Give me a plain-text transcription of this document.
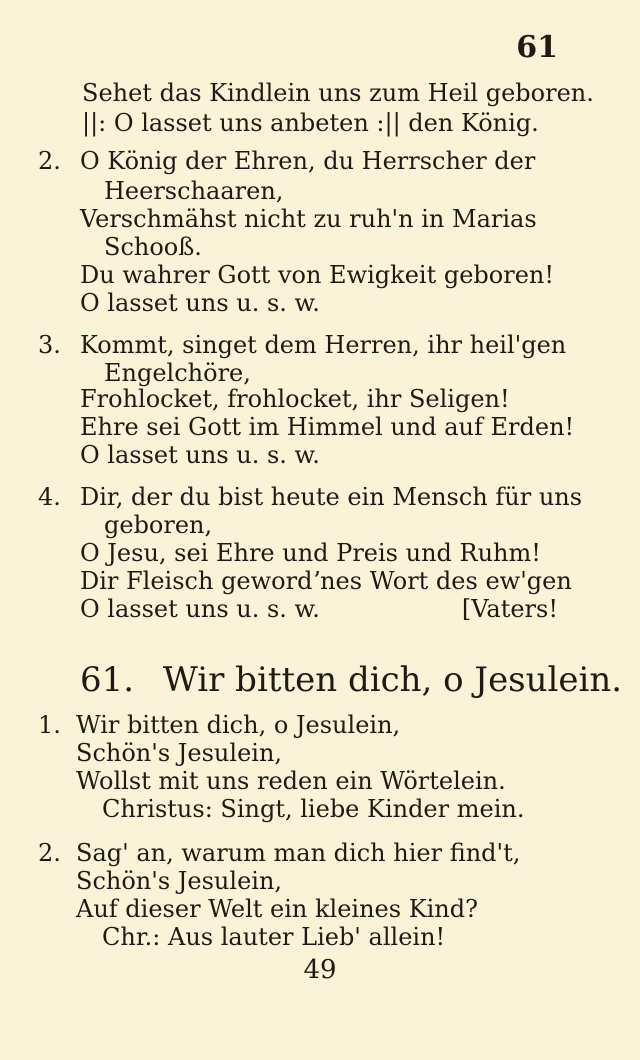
61
Sehet das Kindlein uns zum Heil geboren.
||: O lasset uns anbeten :|| den König.
2. O König der Ehren, du Herrscher der
Heerschaaren,
Verschmähst nicht zu ruh'n in Marias
Schooß.
Du wahrer Gott von Ewigkeit geboren!
O lasset uns u. s. w.
3. Kommt, singet dem Herren, ihr heil'gen
Engelchöre,
Frohlocket, frohlocket, ihr Seligen!
Ehre sei Gott im Himmel und auf Erden!
O lasset uns u. s. w.
4. Dir, der du bist heute ein Mensch für uns
geboren,
O Jesu, sei Ehre und Preis und Ruhm!
Dir Fleisch gewordʼnes Wort des ew'gen
O lasset uns u. s. w.	[Vaters!
61. Wir bitten dich, o Jesulein.
1. Wir bitten dich, o Jesulein,
Schön's Jesulein,
Wollst mit uns reden ein Wörtelein.
Christus: Singt, liebe Kinder mein.
2. Sag' an, warum man dich hier find't,
Schön's Jesulein,
Auf dieser Welt ein kleines Kind?
Chr.: Aus lauter Lieb' allein!
49
